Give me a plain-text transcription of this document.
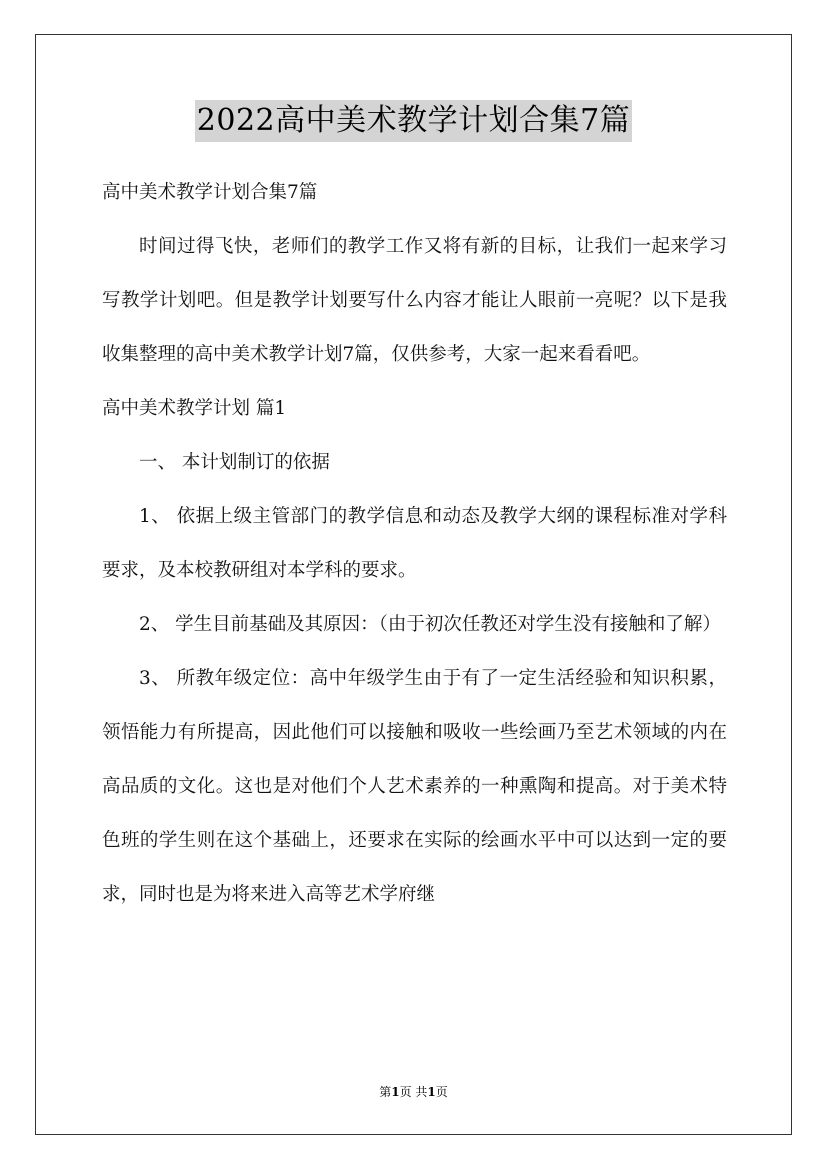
2022高中美术教学计划合集7篇

高中美术教学计划合集7篇

时间过得飞快，老师们的教学工作又将有新的目标，让我们一起来学习写教学计划吧。但是教学计划要写什么内容才能让人眼前一亮呢？以下是我收集整理的高中美术教学计划7篇，仅供参考，大家一起来看看吧。

高中美术教学计划 篇1

一、 本计划制订的依据

1、 依据上级主管部门的教学信息和动态及教学大纲的课程标准对学科要求，及本校教研组对本学科的要求。

2、 学生目前基础及其原因：（由于初次任教还对学生没有接触和了解）

3、 所教年级定位：高中年级学生由于有了一定生活经验和知识积累，领悟能力有所提高，因此他们可以接触和吸收一些绘画乃至艺术领域的内在高品质的文化。这也是对他们个人艺术素养的一种熏陶和提高。对于美术特色班的学生则在这个基础上，还要求在实际的绘画水平中可以达到一定的要求，同时也是为将来进入高等艺术学府继

第1页 共1页
